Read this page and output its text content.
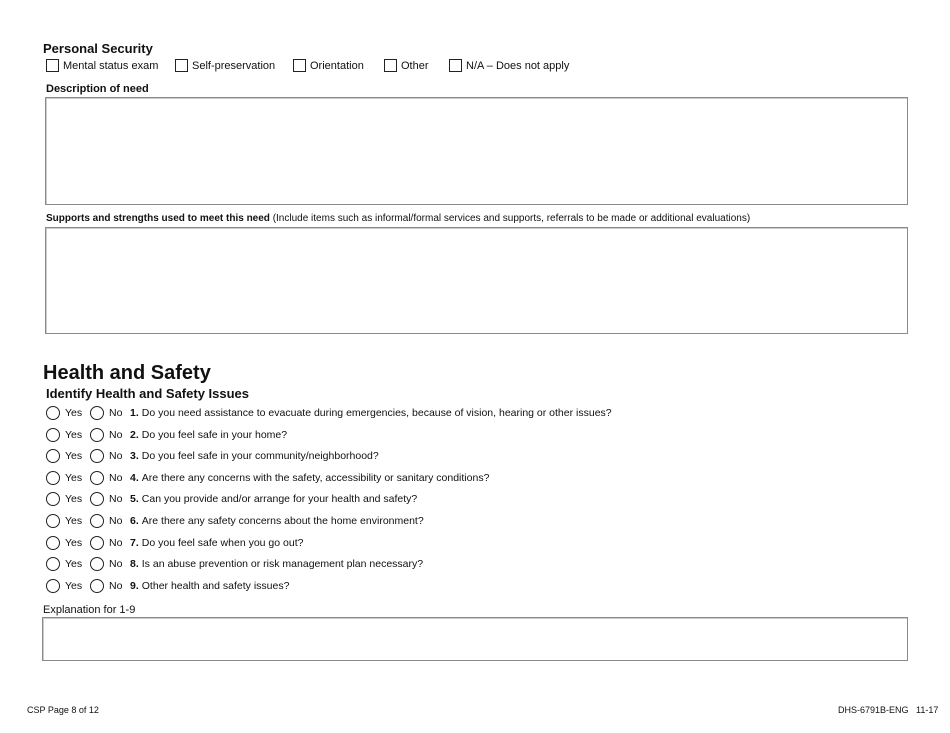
Personal Security
Mental status exam	Self-preservation	Orientation	Other	N/A – Does not apply
Description of need
Supports and strengths used to meet this need (Include items such as informal/formal services and supports, referrals to be made or additional evaluations)
Health and Safety
Identify Health and Safety Issues
Yes	No 1. Do you need assistance to evacuate during emergencies, because of vision, hearing or other issues?
Yes	No 2. Do you feel safe in your home?
Yes	No 3. Do you feel safe in your community/neighborhood?
Yes	No 4. Are there any concerns with the safety, accessibility or sanitary conditions?
Yes	No 5. Can you provide and/or arrange for your health and safety?
Yes	No 6. Are there any safety concerns about the home environment?
Yes	No 7. Do you feel safe when you go out?
Yes	No 8. Is an abuse prevention or risk management plan necessary?
Yes	No 9. Other health and safety issues?
Explanation for 1-9
CSP Page 8 of 12	DHS-6791B-ENG   11-17
